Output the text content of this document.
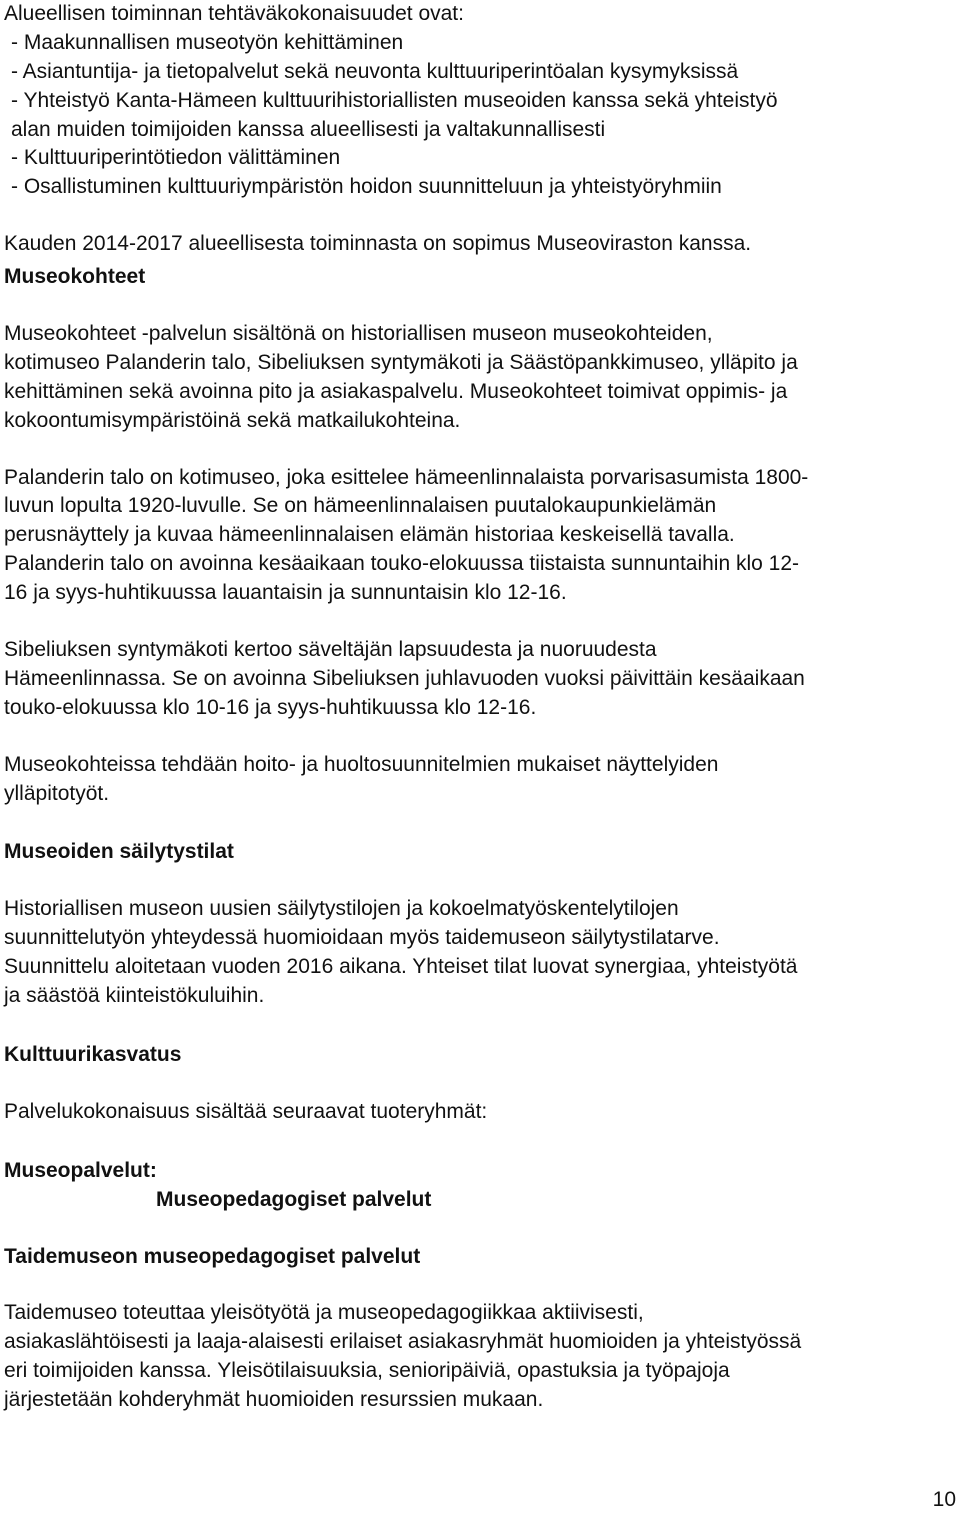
Alueellisen toiminnan tehtäväkokonaisuudet ovat:
- Maakunnallisen museotyön kehittäminen
- Asiantuntija- ja tietopalvelut sekä neuvonta kulttuuriperintöalan kysymyksissä
- Yhteistyö Kanta-Hämeen kulttuurihistoriallisten museoiden kanssa sekä yhteistyö
alan muiden toimijoiden kanssa alueellisesti ja valtakunnallisesti
- Kulttuuriperintötiedon välittäminen
- Osallistuminen kulttuuriympäristön hoidon suunnitteluun ja yhteistyöryhmiin
Kauden 2014-2017 alueellisesta toiminnasta on sopimus Museoviraston kanssa.
Museokohteet
Museokohteet -palvelun sisältönä on historiallisen museon museokohteiden,
kotimuseo Palanderin talo, Sibeliuksen syntymäkoti ja Säästöpankkimuseo, ylläpito ja
kehittäminen sekä avoinna pito ja asiakaspalvelu. Museokohteet toimivat oppimis- ja
kokoontumisympäristöinä sekä matkailukohteina.
Palanderin talo on kotimuseo, joka esittelee hämeenlinnalaista porvarisasumista 1800-
luvun lopulta 1920-luvulle. Se on hämeenlinnalaisen puutalokaupunkielämän
perusnäyttely ja kuvaa hämeenlinnalaisen elämän historiaa keskeisellä tavalla.
Palanderin talo on avoinna kesäaikaan touko-elokuussa tiistaista sunnuntaihin klo 12-
16 ja syys-huhtikuussa lauantaisin ja sunnuntaisin klo 12-16.
Sibeliuksen syntymäkoti kertoo säveltäjän lapsuudesta ja nuoruudesta
Hämeenlinnassa. Se on avoinna Sibeliuksen juhlavuoden vuoksi päivittäin kesäaikaan
touko-elokuussa klo 10-16 ja syys-huhtikuussa klo 12-16.
Museokohteissa tehdään hoito- ja huoltosuunnitelmien mukaiset näyttelyiden
ylläpitotyöt.
Museoiden säilytystilat
Historiallisen museon uusien säilytystilojen ja kokoelmatyöskentelytilojen
suunnittelutyön yhteydessä huomioidaan myös taidemuseon säilytystilatarve.
Suunnittelu aloitetaan vuoden 2016 aikana. Yhteiset tilat luovat synergiaa, yhteistyötä
ja säästöä kiinteistökuluihin.
Kulttuurikasvatus
Palvelukokonaisuus sisältää seuraavat tuoteryhmät:
Museopalvelut:
Museopedagogiset palvelut
Taidemuseon museopedagogiset palvelut
Taidemuseo toteuttaa yleisötyötä ja museopedagogiikkaa aktiivisesti,
asiakaslähtöisesti ja laaja-alaisesti erilaiset asiakasryhmät huomioiden ja yhteistyössä
eri toimijoiden kanssa. Yleisötilaisuuksia, senioripäiviä, opastuksia ja työpajoja
järjestetään kohderyhmät huomioiden resurssien mukaan.
10
